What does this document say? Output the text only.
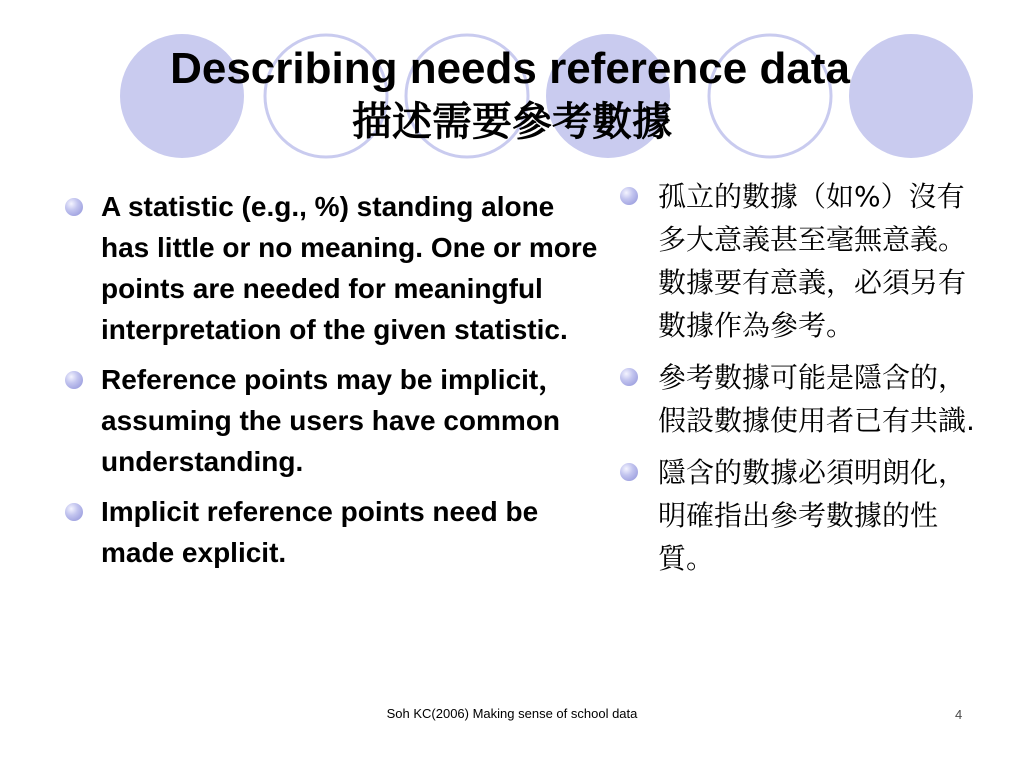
Describing needs reference data
描述需要參考數據
A statistic (e.g., %) standing alone has little or no meaning. One or more points are needed for meaningful interpretation of the given statistic.
Reference points may be implicit， assuming the users have common understanding.
Implicit reference points need be made explicit.
孤立的數據（如%）沒有多大意義甚至毫無意義。數據要有意義，必須另有數據作為參考。
參考數據可能是隱含的，假設數據使用者已有共識.
隱含的數據必須明朗化，明確指出參考數據的性質。
Soh KC(2006) Making sense of school data	4
